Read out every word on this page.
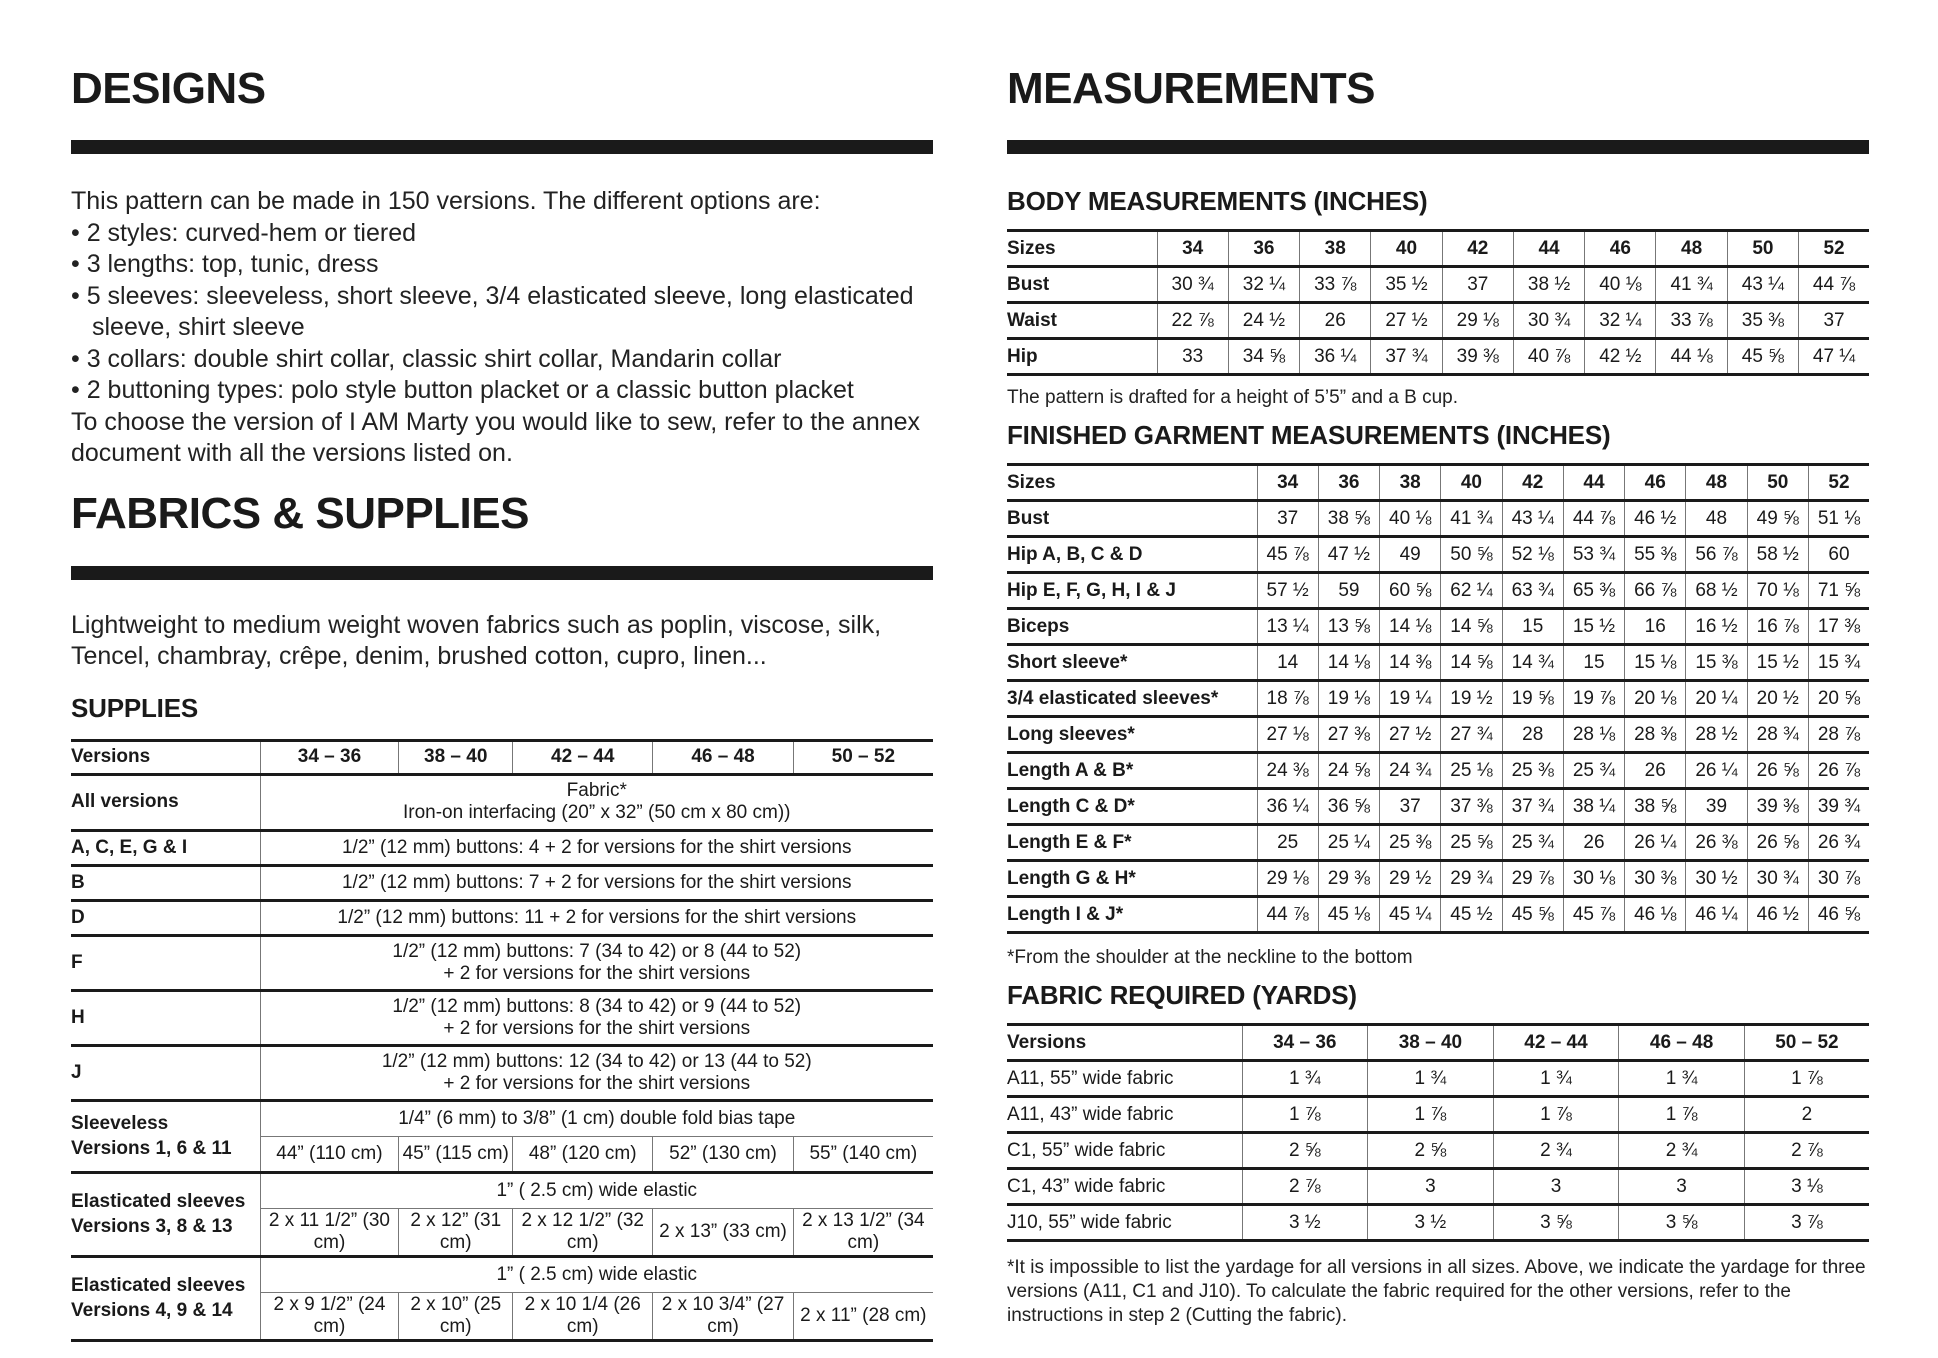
DESIGNS
This pattern can be made in 150 versions. The different options are:
• 2 styles: curved-hem or tiered
• 3 lengths: top, tunic, dress
• 5 sleeves: sleeveless, short sleeve, 3/4 elasticated sleeve, long elasticated sleeve, shirt sleeve
• 3 collars: double shirt collar, classic shirt collar, Mandarin collar
• 2 buttoning types: polo style button placket or a classic button placket
To choose the version of I AM Marty you would like to sew, refer to the annex document with all the versions listed on.
FABRICS & SUPPLIES
Lightweight to medium weight woven fabrics such as poplin, viscose, silk, Tencel, chambray, crêpe, denim, brushed cotton, cupro, linen...
SUPPLIES
Versions	34 – 36	38 – 40	42 – 44	46 – 48	50 – 52
All versions	Fabric*
Iron-on interfacing (20” x 32” (50 cm x 80 cm))				

A, C, E, G & I	1/2” (12 mm) buttons: 4 + 2 for versions for the shirt versions				
B	1/2” (12 mm) buttons: 7 + 2 for versions for the shirt versions				
D	1/2” (12 mm) buttons: 11 + 2 for versions for the shirt versions				
F	1/2” (12 mm) buttons: 7 (34 to 42) or 8 (44 to 52)
+ 2 for versions for the shirt versions				

H	1/2” (12 mm) buttons: 8 (34 to 42) or 9 (44 to 52)
+ 2 for versions for the shirt versions				

J	1/2” (12 mm) buttons: 12 (34 to 42) or 13 (44 to 52)
+ 2 for versions for the shirt versions				

Sleeveless
Versions 1, 6 & 11	1/4” (6 mm) to 3/8” (1 cm) double fold bias tape				
	44” (110 cm)	45” (115 cm)	48” (120 cm)	52” (130 cm)	55” (140 cm)

Elasticated sleeves
Versions 3, 8 & 13	1” ( 2.5 cm) wide elastic				
	2 x 11 1/2” (30 cm)	2 x 12” (31 cm)	2 x 12 1/2” (32 cm)	2 x 13” (33 cm)	2 x 13 1/2” (34 cm)

Elasticated sleeves
Versions 4, 9 & 14	1” ( 2.5 cm) wide elastic				
	2 x 9 1/2” (24 cm)	2 x 10” (25 cm)	2 x 10 1/4 (26 cm)	2 x 10 3/4” (27 cm)	2 x 11” (28 cm)
MEASUREMENTS
BODY MEASUREMENTS (INCHES)
Sizes	34	36	38	40	42	44	46	48	50	52
Bust	30 ¾	32 ¼	33 ⅞	35 ½	37	38 ½	40 ⅛	41 ¾	43 ¼	44 ⅞
Waist	22 ⅞	24 ½	26	27 ½	29 ⅛	30 ¾	32 ¼	33 ⅞	35 ⅜	37
Hip	33	34 ⅝	36 ¼	37 ¾	39 ⅜	40 ⅞	42 ½	44 ⅛	45 ⅝	47 ¼
The pattern is drafted for a height of 5’5” and a B cup.
FINISHED GARMENT MEASUREMENTS (INCHES)
Sizes	34	36	38	40	42	44	46	48	50	52
Bust	37	38 ⅝	40 ⅛	41 ¾	43 ¼	44 ⅞	46 ½	48	49 ⅝	51 ⅛
Hip A, B, C & D	45 ⅞	47 ½	49	50 ⅝	52 ⅛	53 ¾	55 ⅜	56 ⅞	58 ½	60
Hip E, F, G, H, I & J	57 ½	59	60 ⅝	62 ¼	63 ¾	65 ⅜	66 ⅞	68 ½	70 ⅛	71 ⅝
Biceps	13 ¼	13 ⅝	14 ⅛	14 ⅝	15	15 ½	16	16 ½	16 ⅞	17 ⅜
Short sleeve*	14	14 ⅛	14 ⅜	14 ⅝	14 ¾	15	15 ⅛	15 ⅜	15 ½	15 ¾
3/4 elasticated sleeves*	18 ⅞	19 ⅛	19 ¼	19 ½	19 ⅝	19 ⅞	20 ⅛	20 ¼	20 ½	20 ⅝
Long sleeves*	27 ⅛	27 ⅜	27 ½	27 ¾	28	28 ⅛	28 ⅜	28 ½	28 ¾	28 ⅞
Length A & B*	24 ⅜	24 ⅝	24 ¾	25 ⅛	25 ⅜	25 ¾	26	26 ¼	26 ⅝	26 ⅞
Length C & D*	36 ¼	36 ⅝	37	37 ⅜	37 ¾	38 ¼	38 ⅝	39	39 ⅜	39 ¾
Length E & F*	25	25 ¼	25 ⅜	25 ⅝	25 ¾	26	26 ¼	26 ⅜	26 ⅝	26 ¾
Length G & H*	29 ⅛	29 ⅜	29 ½	29 ¾	29 ⅞	30 ⅛	30 ⅜	30 ½	30 ¾	30 ⅞
Length I & J*	44 ⅞	45 ⅛	45 ¼	45 ½	45 ⅝	45 ⅞	46 ⅛	46 ¼	46 ½	46 ⅝
*From the shoulder at the neckline to the bottom
FABRIC REQUIRED (YARDS)
Versions	34 – 36	38 – 40	42 – 44	46 – 48	50 – 52
A11, 55” wide fabric	1 ¾	1 ¾	1 ¾	1 ¾	1 ⅞
A11, 43” wide fabric	1 ⅞	1 ⅞	1 ⅞	1 ⅞	2
C1, 55” wide fabric	2 ⅝	2 ⅝	2 ¾	2 ¾	2 ⅞
C1, 43” wide fabric	2 ⅞	3	3	3	3 ⅛
J10, 55” wide fabric	3 ½	3 ½	3 ⅝	3 ⅝	3 ⅞
*It is impossible to list the yardage for all versions in all sizes. Above, we indicate the yardage for three versions (A11, C1 and J10). To calculate the fabric required for the other versions, refer to the instructions in step 2 (Cutting the fabric).
